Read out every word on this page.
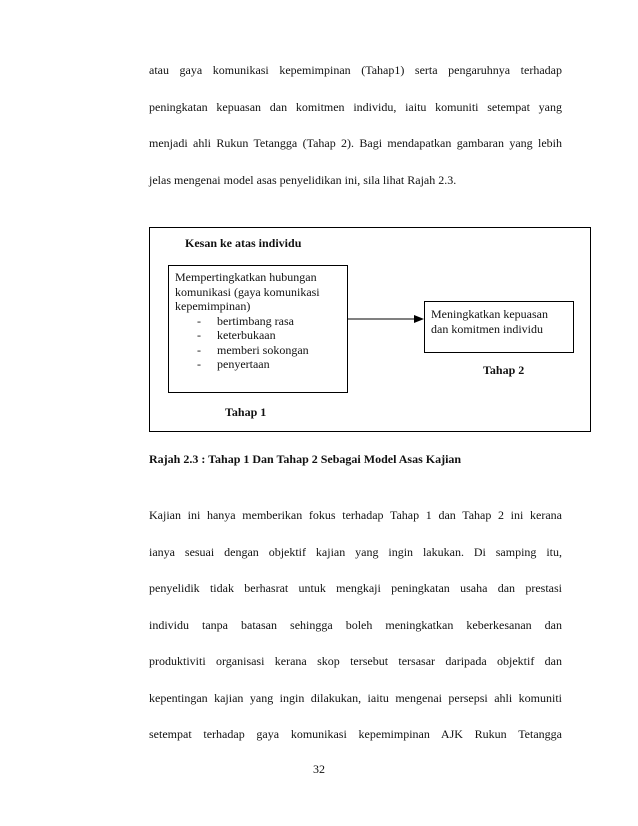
atau gaya komunikasi kepemimpinan (Tahap1) serta pengaruhnya terhadap
peningkatan kepuasan dan komitmen individu, iaitu komuniti setempat yang
menjadi ahli Rukun Tetangga (Tahap 2). Bagi mendapatkan gambaran yang lebih
jelas mengenai model asas penyelidikan ini, sila lihat Rajah 2.3.
Kesan ke atas individu
Mempertingkatkan hubungan
komunikasi (gaya komunikasi
kepemimpinan)
- bertimbang rasa
- keterbukaan
- memberi sokongan
- penyertaan
Meningkatkan kepuasan
dan komitmen individu
Tahap 2
Tahap 1

Rajah 2.3 : Tahap 1 Dan Tahap 2 Sebagai Model Asas Kajian

Kajian ini hanya memberikan fokus terhadap Tahap 1 dan Tahap 2 ini kerana
ianya sesuai dengan objektif kajian yang ingin lakukan. Di samping itu,
penyelidik tidak berhasrat untuk mengkaji peningkatan usaha dan prestasi
individu tanpa batasan sehingga boleh meningkatkan keberkesanan dan
produktiviti organisasi kerana skop tersebut tersasar daripada objektif dan
kepentingan kajian yang ingin dilakukan, iaitu mengenai persepsi ahli komuniti
setempat terhadap gaya komunikasi kepemimpinan AJK Rukun Tetangga
32
